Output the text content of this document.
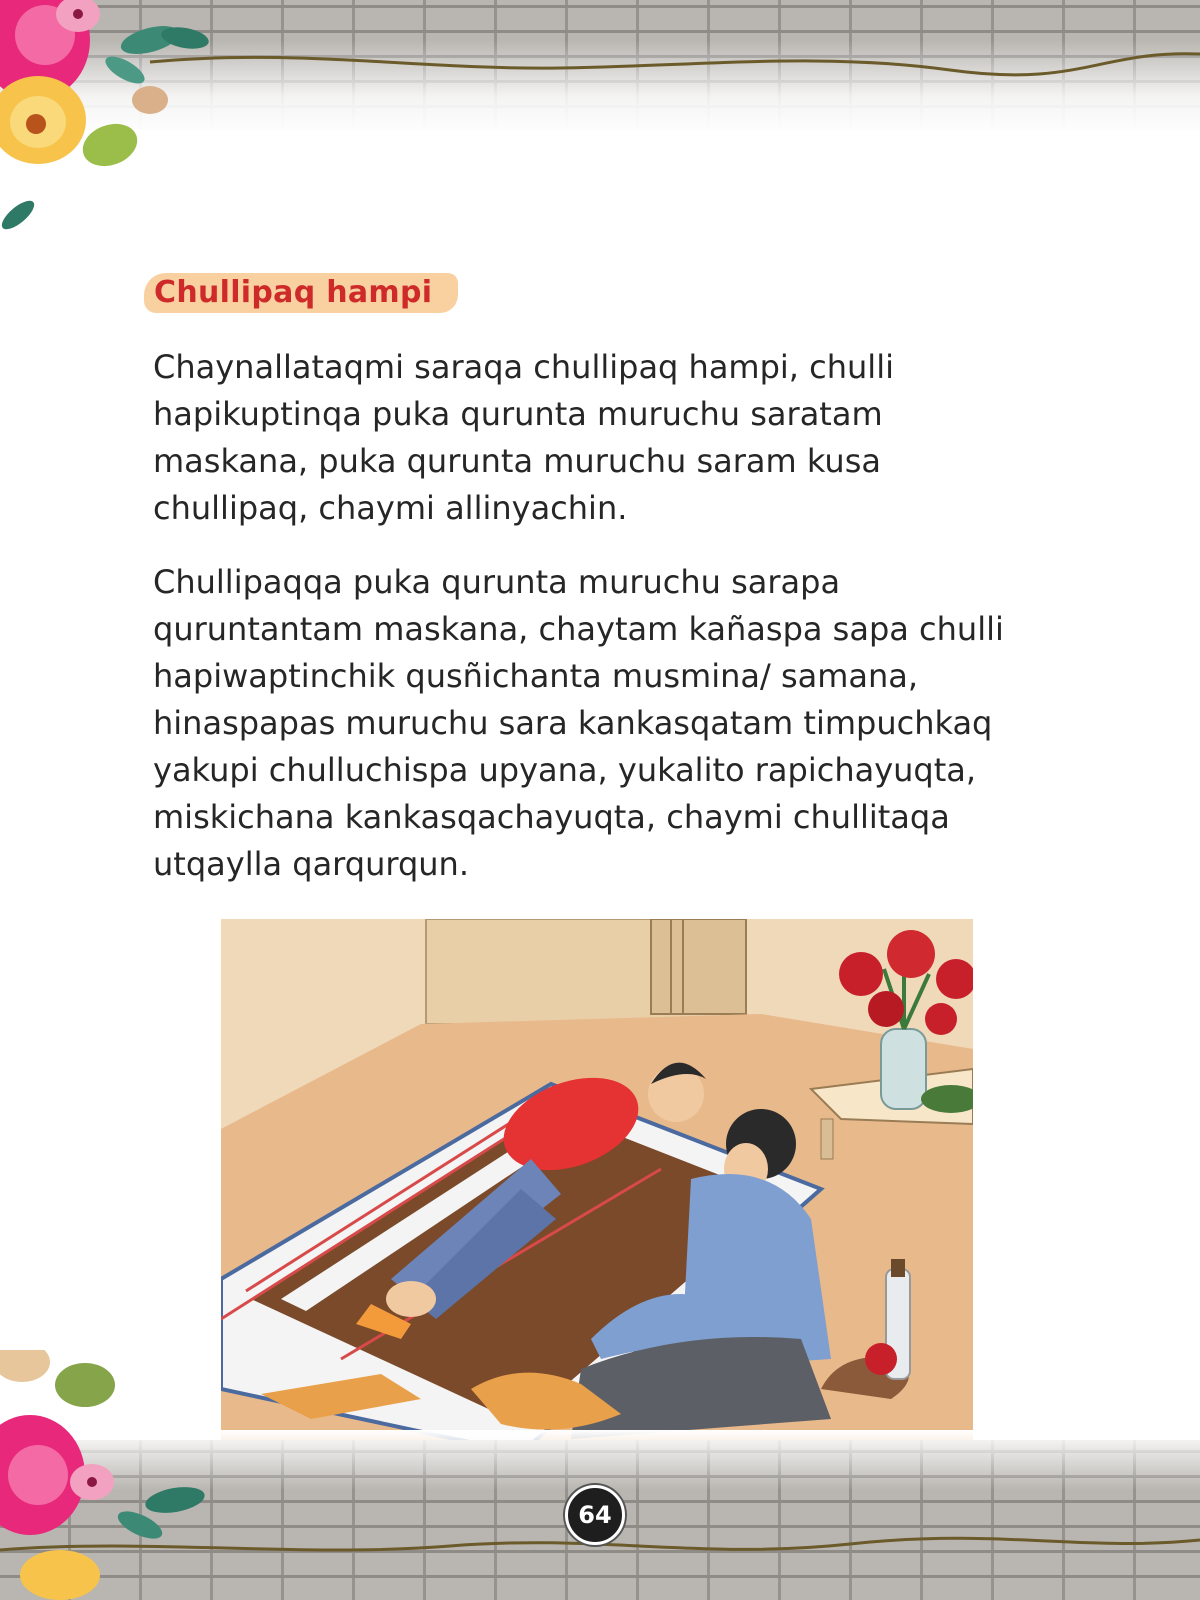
Chullipaq hampi

Chaynallataqmi saraqa chullipaq hampi, chulli hapikuptinqa puka qurunta muruchu saratam maskana, puka qurunta muruchu saram kusa chullipaq, chaymi allinyachin.

Chullipaqqa puka qurunta muruchu sarapa quruntantam maskana, chaytam kañaspa sapa chulli hapiwaptinchik qusñichanta musmina/ samana, hinaspapas muruchu sara kankasqatam timpuchkaq yakupi chulluchispa upyana, yukalito rapichayuqta, miskichana kankasqachayuqta, chaymi chullitaqa utqaylla qarqurqun.

64
